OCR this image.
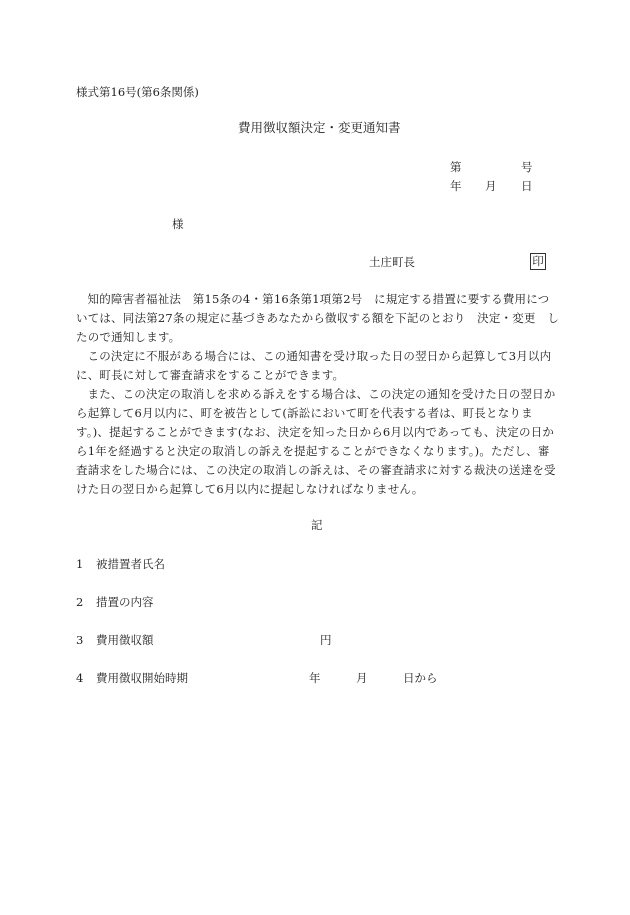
様式第16号(第6条関係)
費用徴収額決定・変更通知書
第	号
年 月 日
様
土庄町長	印

知的障害者福祉法　第15条の4・第16条第1項第2号　に規定する措置に要する費用については、同法第27条の規定に基づきあなたから徴収する額を下記のとおり　決定・変更　したので通知します。

この決定に不服がある場合には、この通知書を受け取った日の翌日から起算して3月以内に、町長に対して審査請求をすることができます。

また、この決定の取消しを求める訴えをする場合は、この決定の通知を受けた日の翌日から起算して6月以内に、町を被告として(訴訟において町を代表する者は、町長となります。)、提起することができます(なお、決定を知った日から6月以内であっても、決定の日から1年を経過すると決定の取消しの訴えを提起することができなくなります。)。ただし、審査請求をした場合には、この決定の取消しの訴えは、その審査請求に対する裁決の送達を受けた日の翌日から起算して6月以内に提起しなければなりません。

記
1 被措置者氏名
2 措置の内容
3 費用徴収額	円
4 費用徴収開始時期	年	月	日から
